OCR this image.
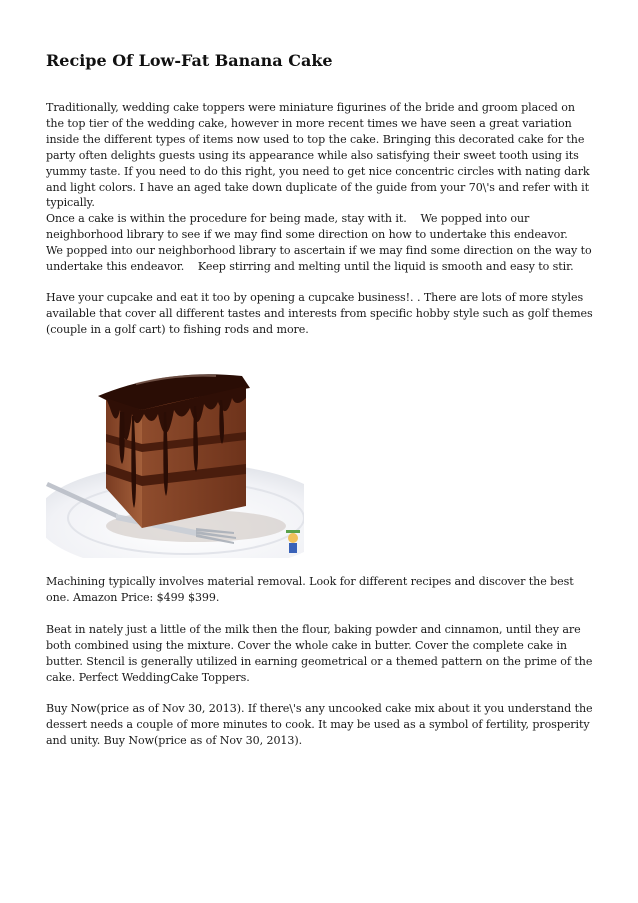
Recipe Of Low-Fat Banana Cake

Traditionally, wedding cake toppers were miniature figurines of the bride and groom placed on the top tier of the wedding cake, however in more recent times we have seen a great variation inside the different types of items now used to top the cake. Bringing this decorated cake for the party often delights guests using its appearance while also satisfying their sweet tooth using its yummy taste. If you need to do this right, you need to get nice concentric circles with nating dark and light colors. I have an aged take down duplicate of the guide from your 70\'s and refer with it typically.

Once a cake is within the procedure for being made, stay with it.    We popped into our neighborhood library to see if we may find some direction on how to undertake this endeavor.    We popped into our neighborhood library to ascertain if we may find some direction on the way to undertake this endeavor.    Keep stirring and melting until the liquid is smooth and easy to stir.

Have your cupcake and eat it too by opening a cupcake business!. . There are lots of more styles available that cover all different tastes and interests from specific hobby style such as golf themes (couple in a golf cart) to fishing rods and more.

Machining typically involves material removal. Look for different recipes and discover the best one. Amazon Price: $499 $399.

Beat in nately just a little of the milk then the flour, baking powder and cinnamon, until they are both combined using the mixture. Cover the whole cake in butter. Cover the complete cake in butter. Stencil is generally utilized in earning geometrical or a themed pattern on the prime of the cake. Perfect WeddingCake Toppers.

Buy Now(price as of Nov 30, 2013). If there\'s any uncooked cake mix about it you understand the dessert needs a couple of more minutes to cook. It may be used as a symbol of fertility, prosperity and unity. Buy Now(price as of Nov 30, 2013).
